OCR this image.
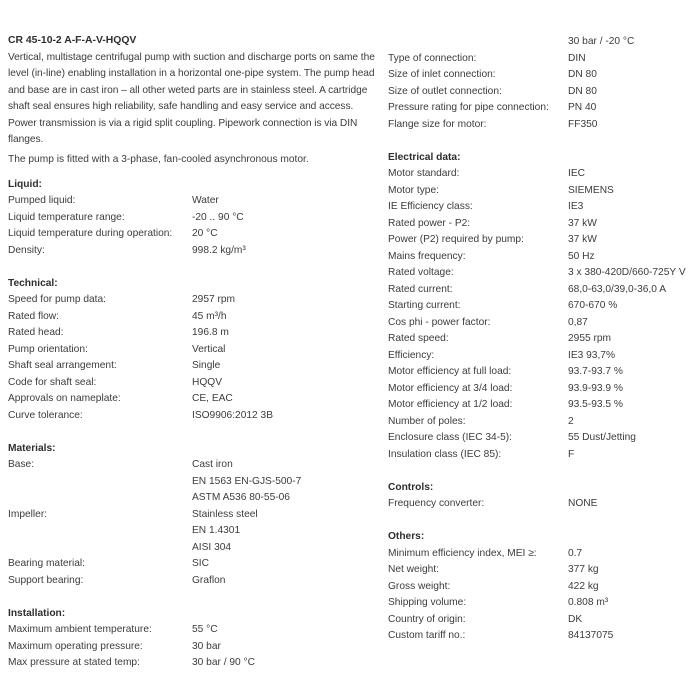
CR 45-10-2 A-F-A-V-HQQV

Vertical, multistage centrifugal pump with suction and discharge ports on same the level (in-line) enabling installation in a horizontal one-pipe system. The pump head and base are in cast iron – all other weted parts are in stainless steel. A cartridge shaft seal ensures high reliability, safe handling and easy service and access. Power transmission is via a rigid split coupling. Pipework connection is via DIN flanges.

The pump is fitted with a 3-phase, fan-cooled asynchronous motor.

Liquid:
Pumped liquid:	Water
Liquid temperature range:	-20 .. 90 °C
Liquid temperature during operation:	20 °C
Density:	998.2 kg/m³
Technical:
Speed for pump data:	2957 rpm
Rated flow:	45 m³/h
Rated head:	196.8 m
Pump orientation:	Vertical
Shaft seal arrangement:	Single
Code for shaft seal:	HQQV
Approvals on nameplate:	CE, EAC
Curve tolerance:	ISO9906:2012 3B
Materials:
Base:	Cast iron
EN 1563 EN-GJS-500-7
ASTM A536 80-55-06
Impeller:	Stainless steel
EN 1.4301
AISI 304
Bearing material:	SIC
Support bearing:	Graflon
Installation:
Maximum ambient temperature:	55 °C
Maximum operating pressure:	30 bar
Max pressure at stated temp:	30 bar / 90 °C
30 bar / -20 °C
Type of connection:	DIN
Size of inlet connection:	DN 80
Size of outlet connection:	DN 80
Pressure rating for pipe connection:	PN 40
Flange size for motor:	FF350
Electrical data:
Motor standard:	IEC
Motor type:	SIEMENS
IE Efficiency class:	IE3
Rated power - P2:	37 kW
Power (P2) required by pump:	37 kW
Mains frequency:	50 Hz
Rated voltage:	3 x 380-420D/660-725Y V
Rated current:	68,0-63,0/39,0-36,0 A
Starting current:	670-670 %
Cos phi - power factor:	0,87
Rated speed:	2955 rpm
Efficiency:	IE3 93,7%
Motor efficiency at full load:	93.7-93.7 %
Motor efficiency at 3/4 load:	93.9-93.9 %
Motor efficiency at 1/2 load:	93.5-93.5 %
Number of poles:	2
Enclosure class (IEC 34-5):	55 Dust/Jetting
Insulation class (IEC 85):	F
Controls:
Frequency converter:	NONE
Others:
Minimum efficiency index, MEI ≥:	0.7
Net weight:	377 kg
Gross weight:	422 kg
Shipping volume:	0.808 m³
Country of origin:	DK
Custom tariff no.:	84137075
